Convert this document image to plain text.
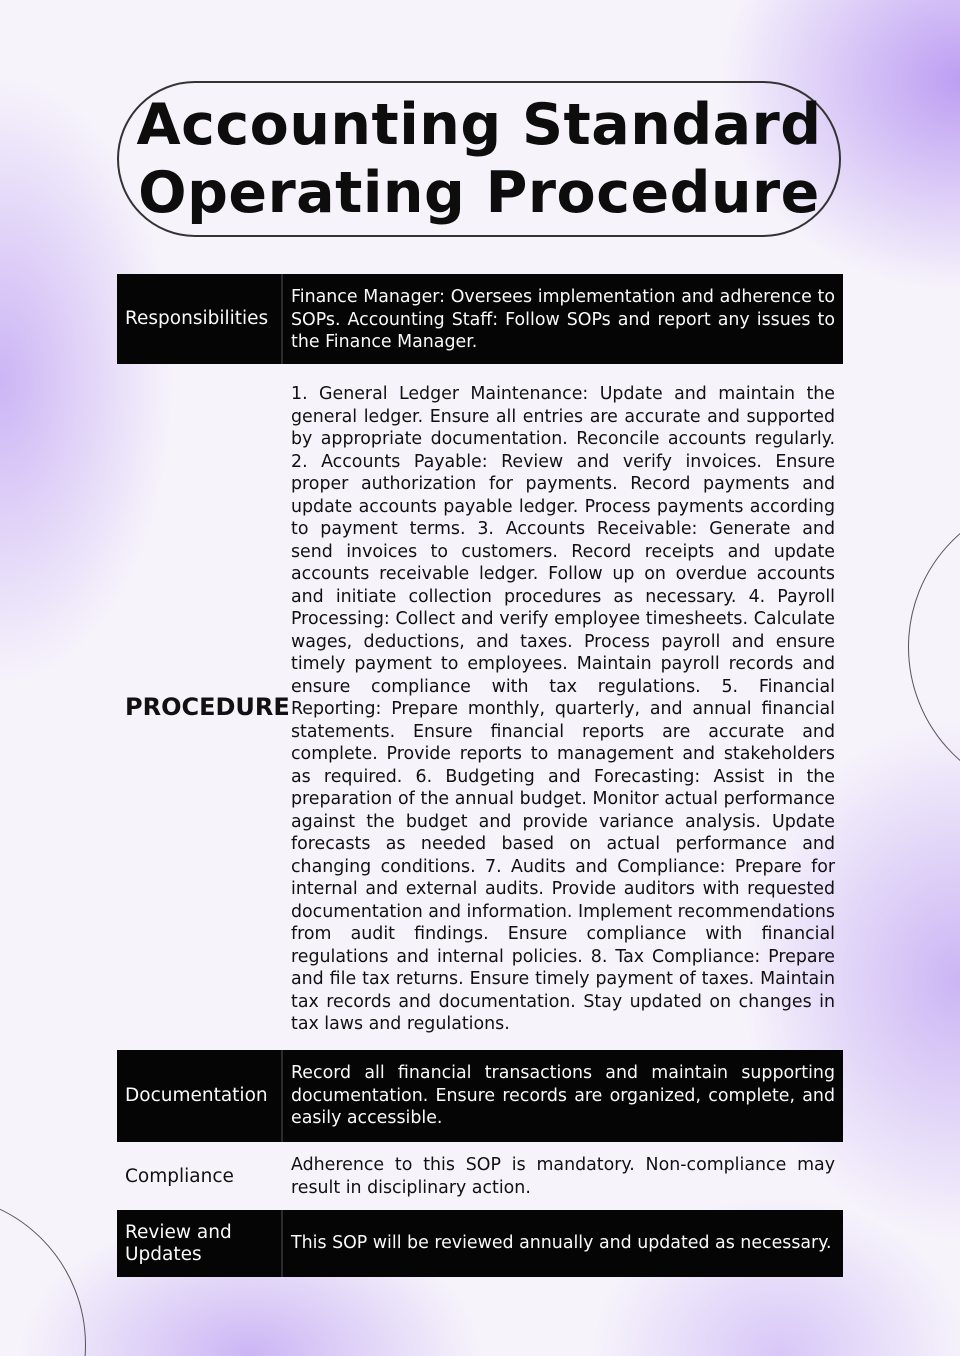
Accounting Standard
Operating Procedure
Responsibilities
Finance Manager: Oversees implementation and adherence to SOPs. Accounting Staff: Follow SOPs and report any issues to the Finance Manager.
PROCEDURE
1. General Ledger Maintenance: Update and maintain the general ledger. Ensure all entries are accurate and supported by appropriate documentation. Reconcile accounts regularly. 2. Accounts Payable: Review and verify invoices. Ensure proper authorization for payments. Record payments and update accounts payable ledger. Process payments according to payment terms. 3. Accounts Receivable: Generate and send invoices to customers. Record receipts and update accounts receivable ledger. Follow up on overdue accounts and initiate collection procedures as necessary. 4. Payroll Processing: Collect and verify employee timesheets. Calculate wages, deductions, and taxes. Process payroll and ensure timely payment to employees. Maintain payroll records and ensure compliance with tax regulations. 5. Financial Reporting: Prepare monthly, quarterly, and annual financial statements. Ensure financial reports are accurate and complete. Provide reports to management and stakeholders as required. 6. Budgeting and Forecasting: Assist in the preparation of the annual budget. Monitor actual performance against the budget and provide variance analysis. Update forecasts as needed based on actual performance and changing conditions. 7. Audits and Compliance: Prepare for internal and external audits. Provide auditors with requested documentation and information. Implement recommendations from audit findings. Ensure compliance with financial regulations and internal policies. 8. Tax Compliance: Prepare and file tax returns. Ensure timely payment of taxes. Maintain tax records and documentation. Stay updated on changes in tax laws and regulations.
Documentation
Record all financial transactions and maintain supporting documentation. Ensure records are organized, complete, and easily accessible.
Compliance
Adherence to this SOP is mandatory. Non-compliance may result in disciplinary action.
Review and Updates
This SOP will be reviewed annually and updated as necessary.
